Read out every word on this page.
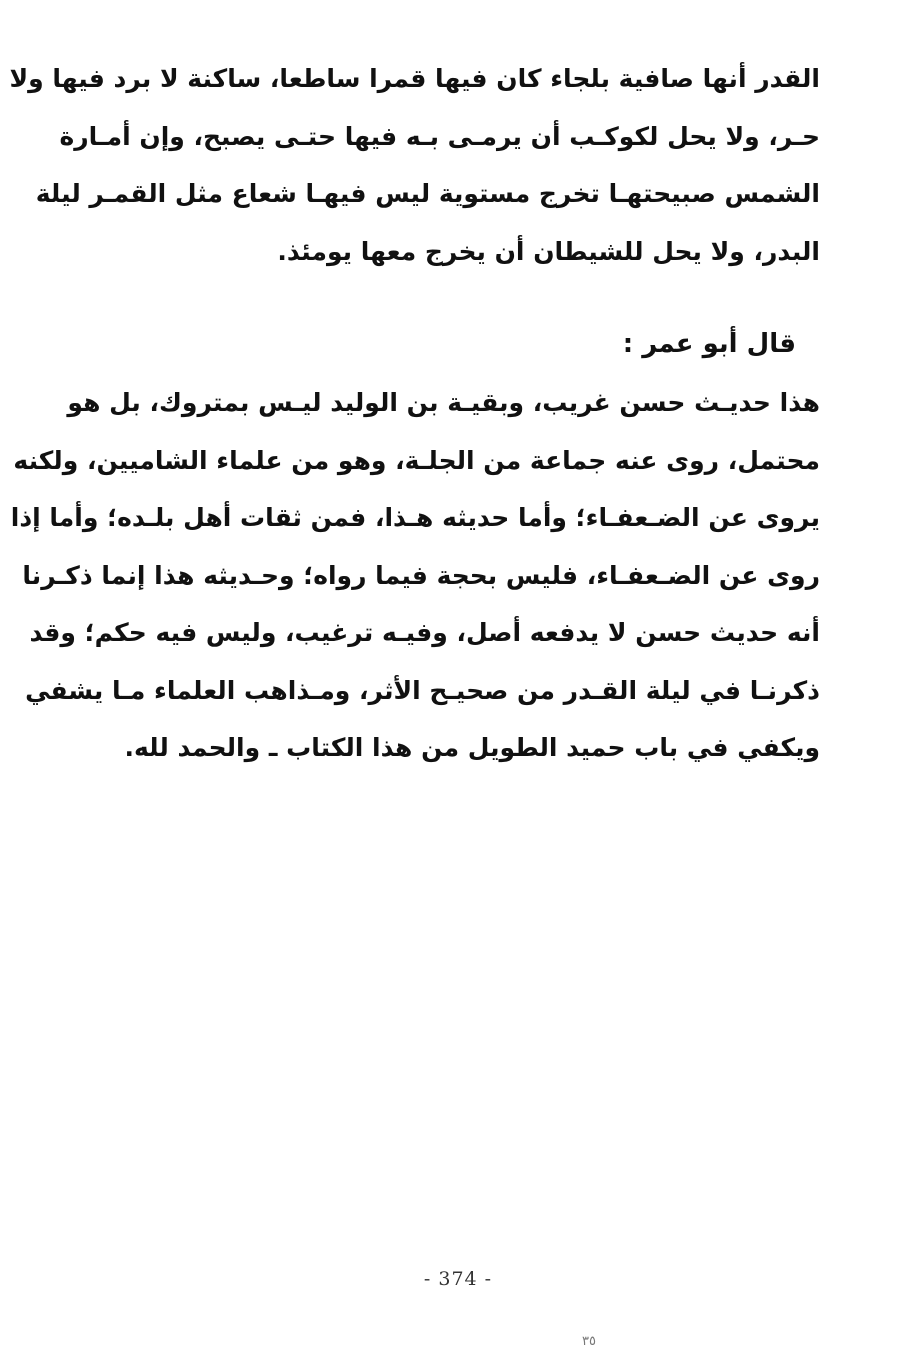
القدر أنها صافية بلجاء كان فيها قمرا ساطعا، ساكنة لا برد فيها ولا
حـر، ولا يحل لكوكـب أن يرمـى بـه فيها حتـى يصبح، وإن أمـارة
الشمس صبيحتهـا تخرج مستوية ليس فيهـا شعاع مثل القمـر ليلة
البدر، ولا يحل للشيطان أن يخرج معها يومئذ.
قال أبو عمر :
هذا حديـث حسن غريب، وبقيـة بن الوليد ليـس بمتروك، بل هو
محتمل، روى عنه جماعة من الجلـة، وهو من علماء الشاميين، ولكنه
يروى عن الضـعفـاء؛ وأما حديثه هـذا، فمن ثقات أهل بلـده؛ وأما إذا
روى عن الضـعفـاء، فليس بحجة فيما رواه؛ وحـديثه هذا إنما ذكـرنا
أنه حديث حسن لا يدفعه أصل، وفيـه ترغيب، وليس فيه حكم؛ وقد
ذكرنـا في ليلة القـدر من صحيـح الأثر، ومـذاهب العلماء مـا يشفي
ويكفي في باب حميد الطويل من هذا الكتاب ـ والحمد لله.
- 374 -
٣٥
